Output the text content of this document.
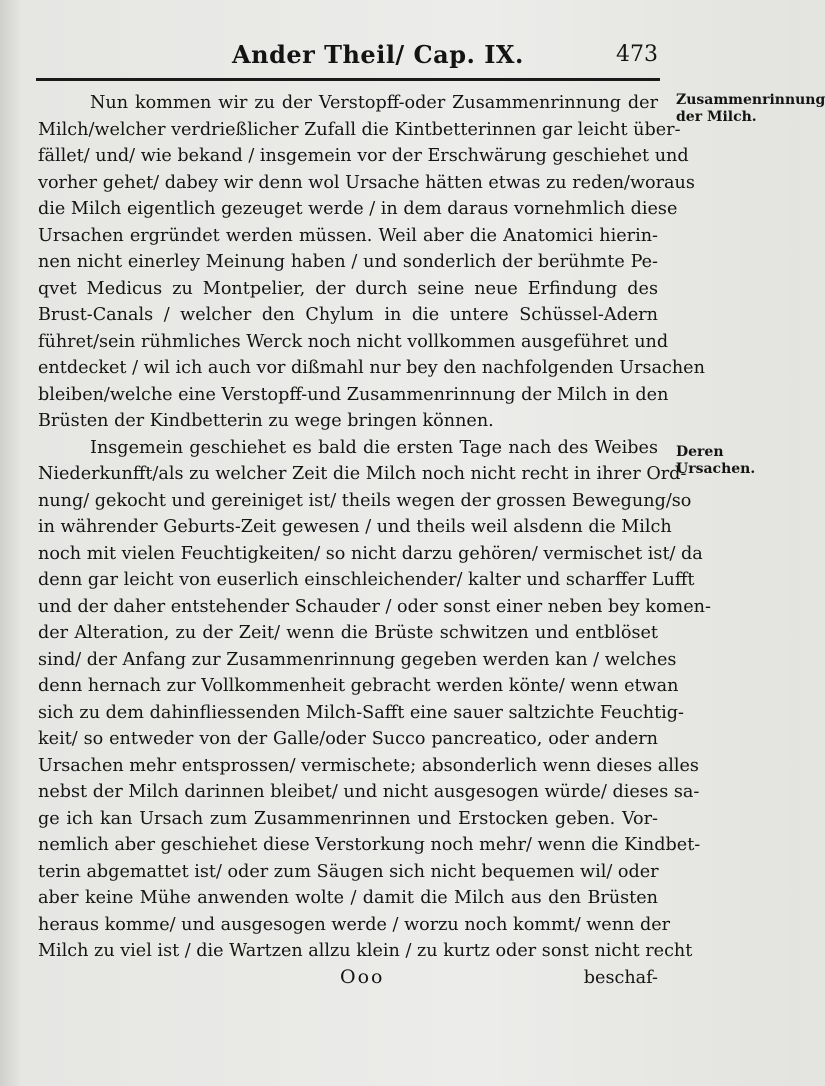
Ander Theil/ Cap. IX.	473
Nun kommen wir zu der Verstopff-oder Zusammenrinnung der
Milch/welcher verdrießlicher Zufall die Kintbetterinnen gar leicht über-
fället/ und/ wie bekand / insgemein vor der Erschwärung geschiehet und
vorher gehet/ dabey wir denn wol Ursache hätten etwas zu reden/woraus
die Milch eigentlich gezeuget werde / in dem daraus vornehmlich diese
Ursachen ergründet werden müssen. Weil aber die Anatomici hierin-
nen nicht einerley Meinung haben / und sonderlich der berühmte Pe-
qvet Medicus zu Montpelier, der durch seine neue Erfindung des
Brust-Canals / welcher den Chylum in die untere Schüssel-Adern
führet/sein rühmliches Werck noch nicht vollkommen ausgeführet und
entdecket / wil ich auch vor dißmahl nur bey den nachfolgenden Ursachen
bleiben/welche eine Verstopff-und Zusammenrinnung der Milch in den
Brüsten der Kindbetterin zu wege bringen können.
Insgemein geschiehet es bald die ersten Tage nach des Weibes
Niederkunfft/als zu welcher Zeit die Milch noch nicht recht in ihrer Ord-
nung/ gekocht und gereiniget ist/ theils wegen der grossen Bewegung/so
in währender Geburts-Zeit gewesen / und theils weil alsdenn die Milch
noch mit vielen Feuchtigkeiten/ so nicht darzu gehören/ vermischet ist/ da
denn gar leicht von euserlich einschleichender/ kalter und scharffer Lufft
und der daher entstehender Schauder / oder sonst einer neben bey komen-
der Alteration, zu der Zeit/ wenn die Brüste schwitzen und entblöset
sind/ der Anfang zur Zusammenrinnung gegeben werden kan / welches
denn hernach zur Vollkommenheit gebracht werden könte/ wenn etwan
sich zu dem dahinfliessenden Milch-Safft eine sauer saltzichte Feuchtig-
keit/ so entweder von der Galle/oder Succo pancreatico, oder andern
Ursachen mehr entsprossen/ vermischete; absonderlich wenn dieses alles
nebst der Milch darinnen bleibet/ und nicht ausgesogen würde/ dieses sa-
ge ich kan Ursach zum Zusammenrinnen und Erstocken geben. Vor-
nemlich aber geschiehet diese Verstorkung noch mehr/ wenn die Kindbet-
terin abgemattet ist/ oder zum Säugen sich nicht bequemen wil/ oder
aber keine Mühe anwenden wolte / damit die Milch aus den Brüsten
heraus komme/ und ausgesogen werde / worzu noch kommt/ wenn der
Milch zu viel ist / die Wartzen allzu klein / zu kurtz oder sonst nicht recht
Zusammenrinnung der Milch.
Deren Ursachen.
Ooo	beschaf-
